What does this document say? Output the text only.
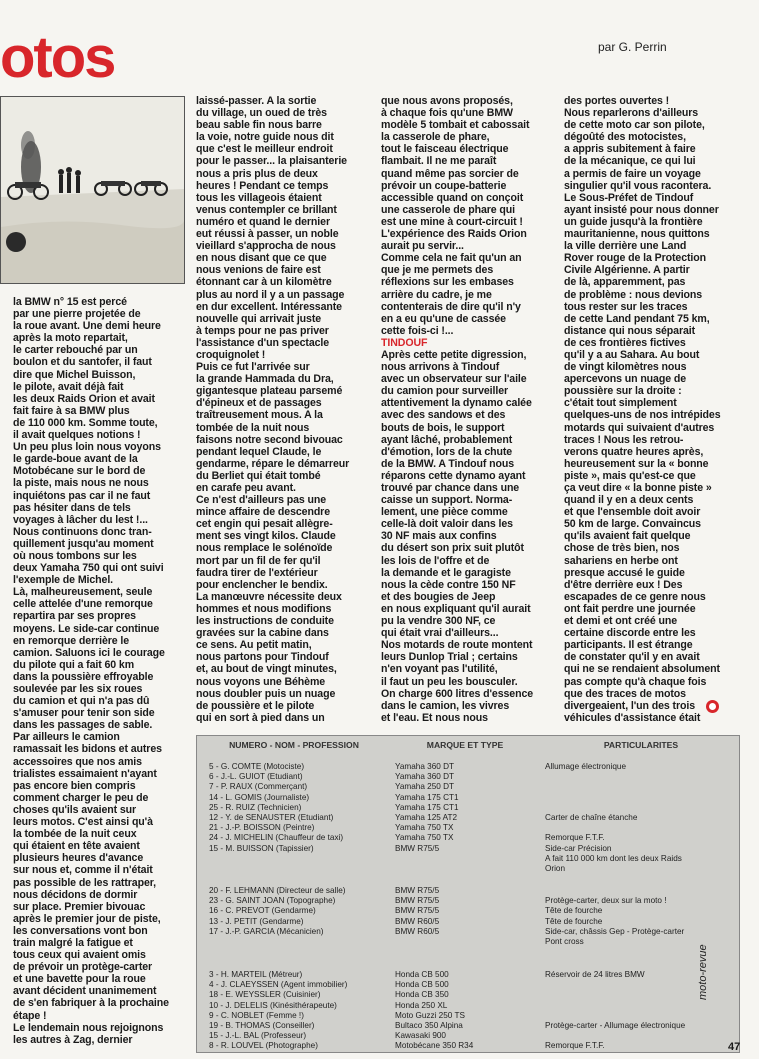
otos	par G. Perrin

la BMW n° 15 est percé
par une pierre projetée de
la roue avant. Une demi heure
après la moto repartait,
le carter rebouché par un
boulon et du santofer, il faut
dire que Michel Buisson,
le pilote, avait déjà fait
les deux Raids Orion et avait
fait faire à sa BMW plus
de 110 000 km. Somme toute,
il avait quelques notions !
Un peu plus loin nous voyons
le garde-boue avant de la
Motobécane sur le bord de
la piste, mais nous ne nous
inquiétons pas car il ne faut
pas hésiter dans de tels
voyages à lâcher du lest !...
Nous continuons donc tran-
quillement jusqu'au moment
où nous tombons sur les
deux Yamaha 750 qui ont suivi
l'exemple de Michel.
Là, malheureusement, seule
celle attelée d'une remorque
repartira par ses propres
moyens. Le side-car continue
en remorque derrière le
camion. Saluons ici le courage
du pilote qui a fait 60 km
dans la poussière effroyable
soulevée par les six roues
du camion et qui n'a pas dû
s'amuser pour tenir son side
dans les passages de sable.
Par ailleurs le camion
ramassait les bidons et autres
accessoires que nos amis
trialistes essaimaient n'ayant
pas encore bien compris
comment charger le peu de
choses qu'ils avaient sur
leurs motos. C'est ainsi qu'à
la tombée de la nuit ceux
qui étaient en tête avaient
plusieurs heures d'avance
sur nous et, comme il n'était
pas possible de les rattraper,
nous décidons de dormir
sur place. Premier bivouac
après le premier jour de piste,
les conversations vont bon
train malgré la fatigue et
tous ceux qui avaient omis
de prévoir un protège-carter
et une bavette pour la roue
avant décident unanimement
de s'en fabriquer à la prochaine
étape !
Le lendemain nous rejoignons
les autres à Zag, dernier

laissé-passer. A la sortie
du village, un oued de très
beau sable fin nous barre
la voie, notre guide nous dit
que c'est le meilleur endroit
pour le passer... la plaisanterie
nous a pris plus de deux
heures ! Pendant ce temps
tous les villageois étaient
venus contempler ce brillant
numéro et quand le dernier
eut réussi à passer, un noble
vieillard s'approcha de nous
en nous disant que ce que
nous venions de faire est
étonnant car à un kilomètre
plus au nord il y a un passage
en dur excellent. Intéressante
nouvelle qui arrivait juste
à temps pour ne pas priver
l'assistance d'un spectacle
croquignolet !
Puis ce fut l'arrivée sur
la grande Hammada du Dra,
gigantesque plateau parsemé
d'épineux et de passages
traîtreusement mous. A la
tombée de la nuit nous
faisons notre second bivouac
pendant lequel Claude, le
gendarme, répare le démarreur
du Berliet qui était tombé
en carafe peu avant.
Ce n'est d'ailleurs pas une
mince affaire de descendre
cet engin qui pesait allègre-
ment ses vingt kilos. Claude
nous remplace le solénoïde
mort par un fil de fer qu'il
faudra tirer de l'extérieur
pour enclencher le bendix.
La manœuvre nécessite deux
hommes et nous modifions
les instructions de conduite
gravées sur la cabine dans
ce sens. Au petit matin,
nous partons pour Tindouf
et, au bout de vingt minutes,
nous voyons une Béhème
nous doubler puis un nuage
de poussière et le pilote
qui en sort à pied dans un

que nous avons proposés,
à chaque fois qu'une BMW
modèle 5 tombait et cabossait
la casserole de phare,
tout le faisceau électrique
flambait. Il ne me paraît
quand même pas sorcier de
prévoir un coupe-batterie
accessible quand on conçoit
une casserole de phare qui
est une mine à court-circuit !
L'expérience des Raids Orion
aurait pu servir...
Comme cela ne fait qu'un an
que je me permets des
réflexions sur les embases
arrière du cadre, je me
contenterais de dire qu'il n'y
en a eu qu'une de cassée
cette fois-ci !...
TINDOUF
Après cette petite digression,
nous arrivons à Tindouf
avec un observateur sur l'aile
du camion pour surveiller
attentivement la dynamo calée
avec des sandows et des
bouts de bois, le support
ayant lâché, probablement
d'émotion, lors de la chute
de la BMW. A Tindouf nous
réparons cette dynamo ayant
trouvé par chance dans une
caisse un support. Norma-
lement, une pièce comme
celle-là doit valoir dans les
30 NF mais aux confins
du désert son prix suit plutôt
les lois de l'offre et de
la demande et le garagiste
nous la cède contre 150 NF
et des bougies de Jeep
en nous expliquant qu'il aurait
pu la vendre 300 NF, ce
qui était vrai d'ailleurs...
Nos motards de route montent
leurs Dunlop Trial ; certains
n'en voyant pas l'utilité,
il faut un peu les bousculer.
On charge 600 litres d'essence
dans le camion, les vivres
et l'eau. Et nous nous

des portes ouvertes !
Nous reparlerons d'ailleurs
de cette moto car son pilote,
dégoûté des motocistes,
a appris subitement à faire
de la mécanique, ce qui lui
a permis de faire un voyage
singulier qu'il vous racontera.
Le Sous-Préfet de Tindouf
ayant insisté pour nous donner
un guide jusqu'à la frontière
mauritanienne, nous quittons
la ville derrière une Land
Rover rouge de la Protection
Civile Algérienne. A partir
de là, apparemment, pas
de problème : nous devions
tous rester sur les traces
de cette Land pendant 75 km,
distance qui nous séparait
de ces frontières fictives
qu'il y a au Sahara. Au bout
de vingt kilomètres nous
apercevons un nuage de
poussière sur la droite :
c'était tout simplement
quelques-uns de nos intrépides
motards qui suivaient d'autres
traces ! Nous les retrou-
verons quatre heures après,
heureusement sur la « bonne
piste », mais qu'est-ce que
ça veut dire « la bonne piste »
quand il y en a deux cents
et que l'ensemble doit avoir
50 km de large. Convaincus
qu'ils avaient fait quelque
chose de très bien, nos
sahariens en herbe ont
presque accusé le guide
d'être derrière eux ! Des
escapades de ce genre nous
ont fait perdre une journée
et demi et ont créé une
certaine discorde entre les
participants. Il est étrange
de constater qu'il y en avait
qui ne se rendaient absolument
pas compte qu'à chaque fois
que des traces de motos
divergeaient, l'un des trois
véhicules d'assistance était

NUMERO - NOM - PROFESSION	MARQUE ET TYPE	PARTICULARITES
5 - G. COMTE (Motociste)	Yamaha 360 DT	Allumage électronique
6 - J.-L. GUIOT (Etudiant)	Yamaha 360 DT
7 - P. RAUX (Commerçant)	Yamaha 250 DT
14 - L. GOMIS (Journaliste)	Yamaha 175 CT1
25 - R. RUIZ (Technicien)	Yamaha 175 CT1
12 - Y. de SENAUSTER (Etudiant)	Yamaha 125 AT2	Carter de chaîne étanche
21 - J.-P. BOISSON (Peintre)	Yamaha 750 TX
24 - J. MICHELIN (Chauffeur de taxi)	Yamaha 750 TX	Remorque F.T.F.
15 - M. BUISSON (Tapissier)	BMW R75/5	Side-car Précision
A fait 110 000 km dont les deux Raids
Orion
20 - F. LEHMANN (Directeur de salle)	BMW R75/5
23 - G. SAINT JOAN (Topographe)	BMW R75/5	Protège-carter, deux sur la moto !
16 - C. PREVOT (Gendarme)	BMW R75/5	Tête de fourche
13 - J. PETIT (Gendarme)	BMW R60/5	Tête de fourche
17 - J.-P. GARCIA (Mécanicien)	BMW R60/5	Side-car, châssis Gep - Protège-carter
Pont cross
3 - H. MARTEIL (Métreur)	Honda CB 500	Réservoir de 24 litres BMW
4 - J. CLAEYSSEN (Agent immobilier)	Honda CB 500
18 - E. WEYSSLER (Cuisinier)	Honda CB 350
10 - J. DELELIS (Kinésithérapeute)	Honda 250 XL
9 - C. NOBLET (Femme !)	Moto Guzzi 250 TS
19 - B. THOMAS (Conseiller)	Bultaco 350 Alpina	Protège-carter - Allumage électronique
15 - J.-L. BAL (Professeur)	Kawasaki 900
8 - R. LOUVEL (Photographe)	Motobécane 350 R34	Remorque F.T.F.
moto-revue
47
